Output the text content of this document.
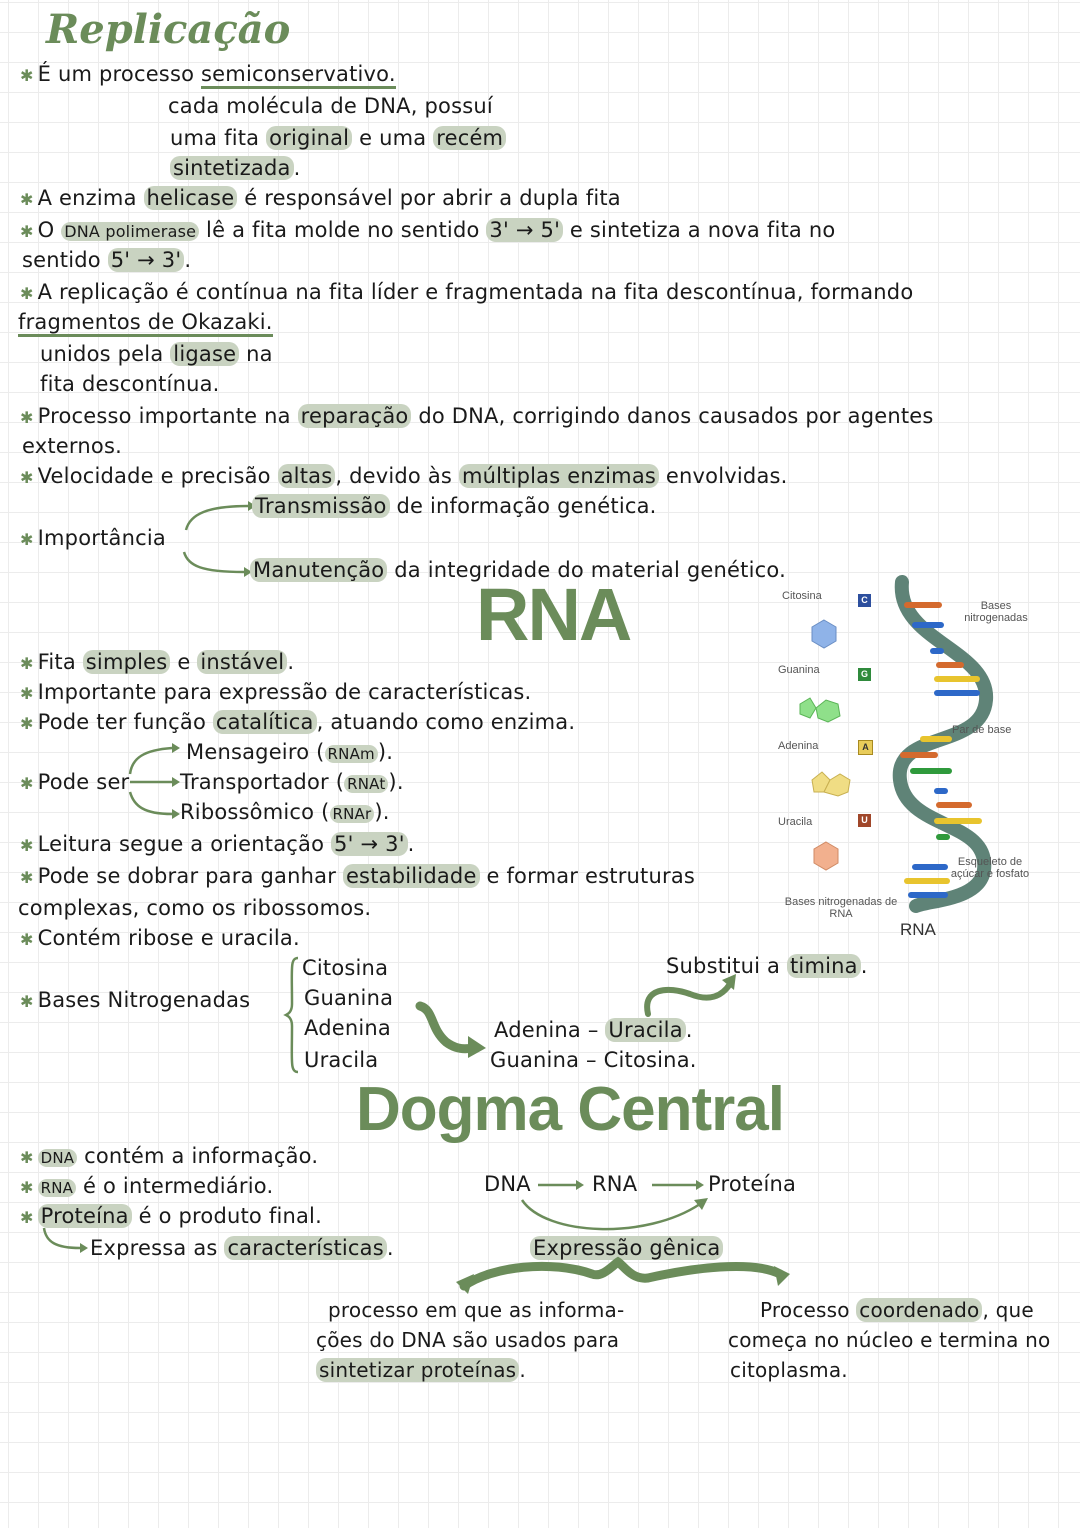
Replicação
✱ É um processo semiconservativo.
cada molécula de DNA, possuí
uma fita original e uma recém
sintetizada .
✱ A enzima helicase é responsável por abrir a dupla fita
✱ O DNA polimerase lê a fita molde no sentido 3' → 5' e sintetiza a nova fita no
sentido 5' → 3' .
✱ A replicação é contínua na fita líder e fragmentada na fita descontínua, formando
fragmentos de Okazaki.
unidos pela ligase na
fita descontínua.
✱ Processo importante na reparação do DNA, corrigindo danos causados por agentes
externos.
✱ Velocidade e precisão altas , devido às múltiplas enzimas envolvidas.
✱ Importância
Transmissão de informação genética.
Manutenção da integridade do material genético.
RNA
✱ Fita simples e instável .
✱ Importante para expressão de características.
✱ Pode ter função catalítica , atuando como enzima.
✱ Pode ser
Mensageiro ( RNAm ).
Transportador ( RNAt ).
Ribossômico ( RNAr ).
✱ Leitura segue a orientação 5' → 3' .
✱ Pode se dobrar para ganhar estabilidade e formar estruturas
complexas, como os ribossomos.
✱ Contém ribose e uracila.
✱ Bases Nitrogenadas
Citosina
Guanina
Adenina
Uracila
Adenina – Uracila .
Guanina – Citosina.
Substitui a timina .
Citosina	C
Guanina	G
Adenina	A
Uracila	U
Bases nitrogenadas de RNA
Bases nitrogenadas
Par de base
Esqueleto de açúcar e fosfato
RNA
Dogma Central
✱ DNA contém a informação.
✱ RNA é o intermediário.
✱ Proteína é o produto final.
Expressa as características .
DNA	RNA	Proteína
Expressão gênica
processo em que as informa-
ções do DNA são usados para
sintetizar proteínas .
Processo coordenado , que
começa no núcleo e termina no
citoplasma.
